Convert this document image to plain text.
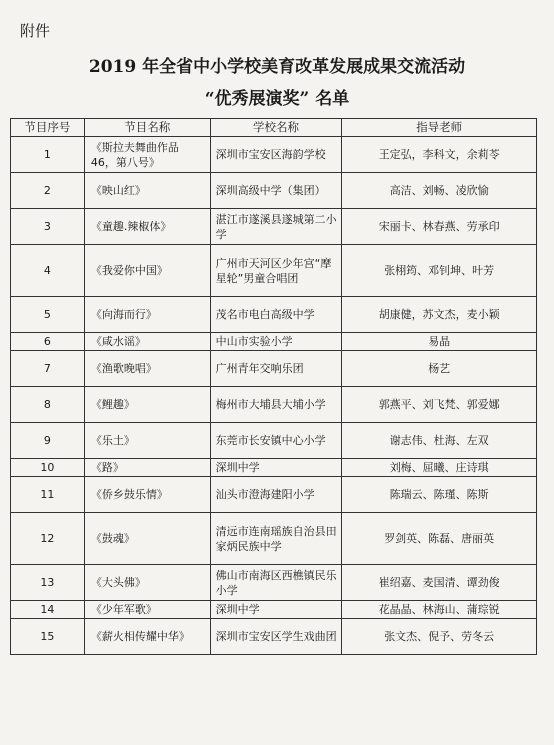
附件
2019 年全省中小学校美育改革发展成果交流活动
“优秀展演奖” 名单
节目序号	节目名称	学校名称	指导老师
1	《斯拉夫舞曲作品 46，第八号》	深圳市宝安区海韵学校	王定弘，李科文，余莉苓
2	《映山红》	深圳高级中学（集团）	高洁、刘畅、凌欣愉
3	《童趣.辣椒体》	湛江市遂溪县遂城第二小学	宋丽卡、林春燕、劳承印
4	《我爱你中国》	广州市天河区少年宫“摩星轮”男童合唱团	张栩筠、邓钊坤、叶芳
5	《向海而行》	茂名市电白高级中学	胡康健，苏文杰，麦小颖
6	《咸水谣》	中山市实验小学	易晶
7	《渔歌晚唱》	广州青年交响乐团	杨艺
8	《鲤趣》	梅州市大埔县大埔小学	郭燕平、刘飞梵、郭爱娜
9	《乐土》	东莞市长安镇中心小学	谢志伟、杜海、左双
10	《路》	深圳中学	刘梅、屈曦、庄诗琪
11	《侨乡鼓乐情》	汕头市澄海建阳小学	陈瑞云、陈瑾、陈斯
12	《鼓魂》	清远市连南瑶族自治县田家炳民族中学	罗剑英、陈磊、唐丽英
13	《大头佛》	佛山市南海区西樵镇民乐小学	崔绍嘉、麦国清、谭劲俊
14	《少年军歌》	深圳中学	花晶晶、林海山、蒲琮锐
15	《薪火相传耀中华》	深圳市宝安区学生戏曲团	张文杰、倪予、劳冬云
